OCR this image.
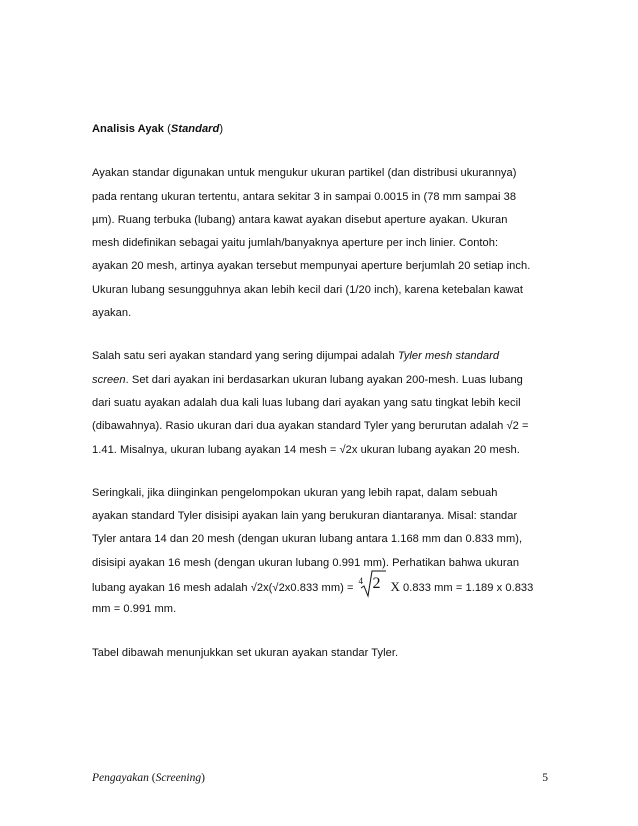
Analisis Ayak (Standard)

Ayakan standar digunakan untuk mengukur ukuran partikel (dan distribusi ukurannya)
pada rentang ukuran tertentu, antara sekitar 3 in sampai 0.0015 in (78 mm sampai 38
µm). Ruang terbuka (lubang) antara kawat ayakan disebut aperture ayakan. Ukuran
mesh didefinikan sebagai yaitu jumlah/banyaknya aperture per inch linier. Contoh:
ayakan 20 mesh, artinya ayakan tersebut mempunyai aperture berjumlah 20 setiap inch.
Ukuran lubang sesungguhnya akan lebih kecil dari (1/20 inch), karena ketebalan kawat
ayakan.

Salah satu seri ayakan standard yang sering dijumpai adalah Tyler mesh standard
screen. Set dari ayakan ini berdasarkan ukuran lubang ayakan 200-mesh. Luas lubang
dari suatu ayakan adalah dua kali luas lubang dari ayakan yang satu tingkat lebih kecil
(dibawahnya). Rasio ukuran dari dua ayakan standard Tyler yang berurutan adalah √2 =
1.41. Misalnya, ukuran lubang ayakan 14 mesh = √2x ukuran lubang ayakan 20 mesh.

Seringkali, jika diinginkan pengelompokan ukuran yang lebih rapat, dalam sebuah
ayakan standard Tyler disisipi ayakan lain yang berukuran diantaranya. Misal: standar
Tyler antara 14 dan 20 mesh (dengan ukuran lubang antara 1.168 mm dan 0.833 mm),
disisipi ayakan 16 mesh (dengan ukuran lubang 0.991 mm). Perhatikan bahwa ukuran
lubang ayakan 16 mesh adalah √2x(√2x0.833 mm) =
4 2 X 0.833 mm = 1.189 x 0.833
mm = 0.991 mm.

Tabel dibawah menunjukkan set ukuran ayakan standar Tyler.

Pengayakan (Screening)	5
